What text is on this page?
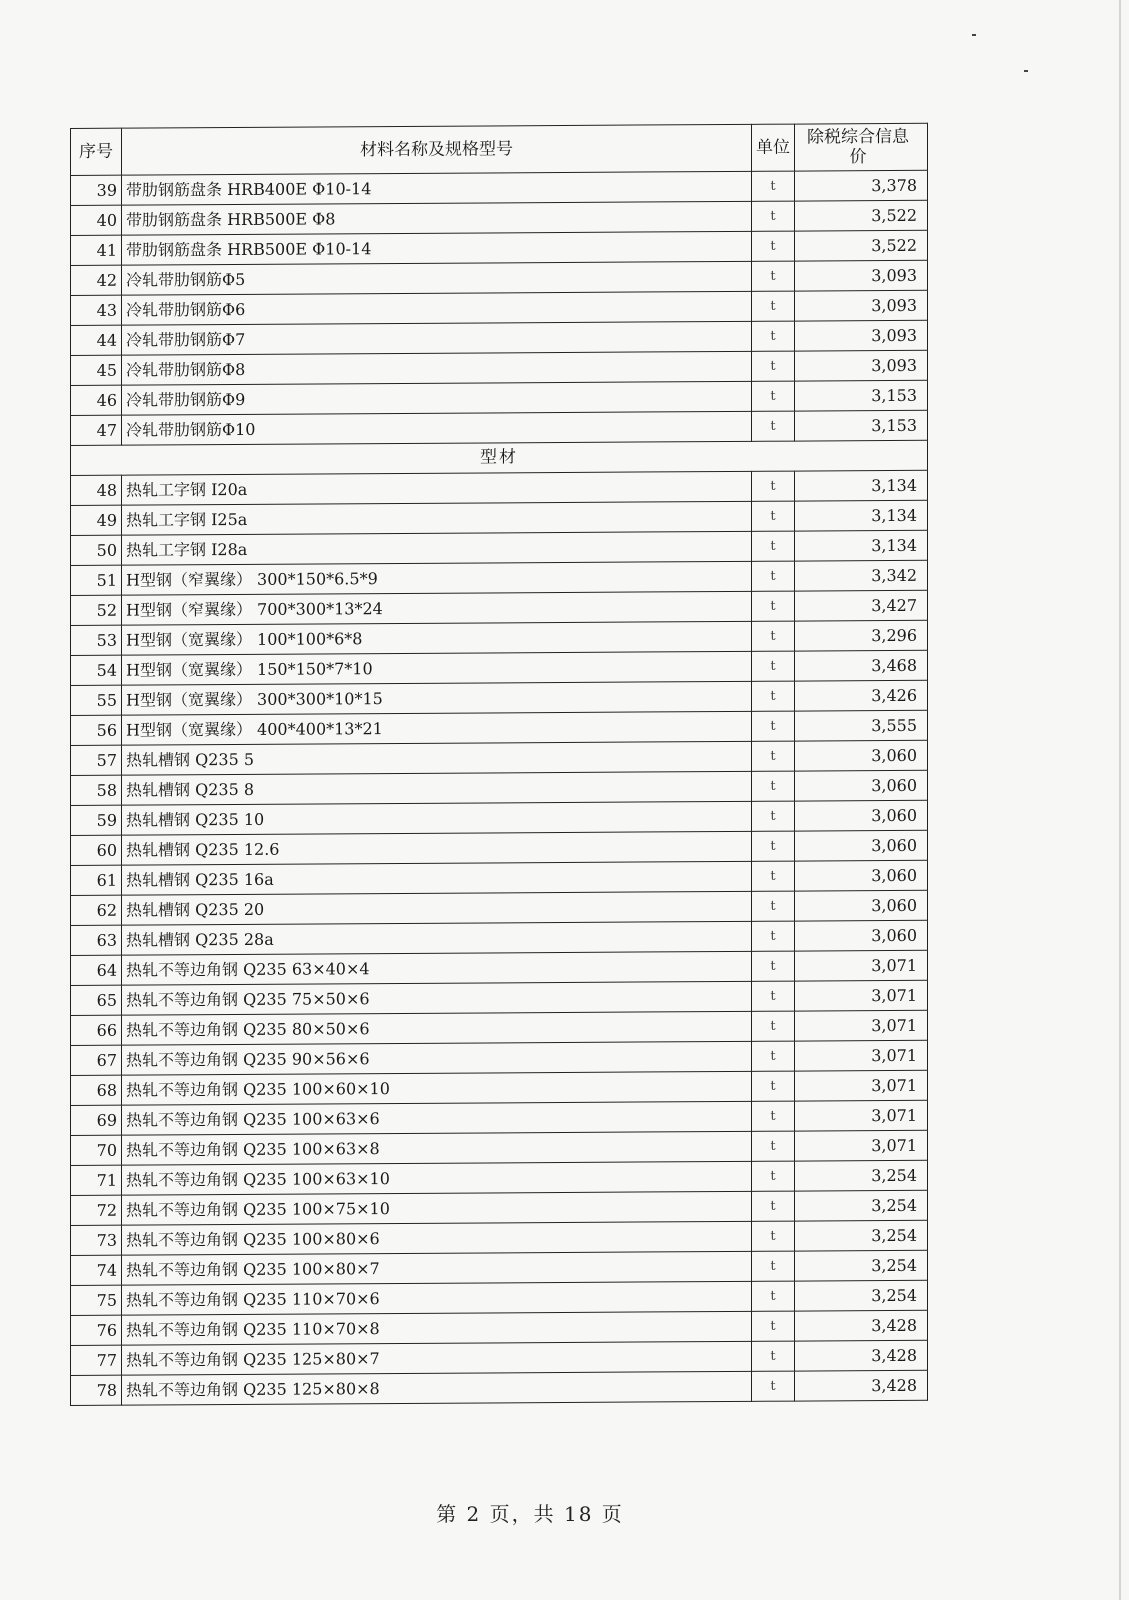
序号	材料名称及规格型号	单位	除税综合信息价
39	带肋钢筋盘条 HRB400E Φ10-14	t	3,378
40	带肋钢筋盘条 HRB500E Φ8	t	3,522
41	带肋钢筋盘条 HRB500E Φ10-14	t	3,522
42	冷轧带肋钢筋Φ5	t	3,093
43	冷轧带肋钢筋Φ6	t	3,093
44	冷轧带肋钢筋Φ7	t	3,093
45	冷轧带肋钢筋Φ8	t	3,093
46	冷轧带肋钢筋Φ9	t	3,153
47	冷轧带肋钢筋Φ10	t	3,153
型材			
48	热轧工字钢 I20a	t	3,134
49	热轧工字钢 I25a	t	3,134
50	热轧工字钢 I28a	t	3,134
51	H型钢（窄翼缘） 300*150*6.5*9	t	3,342
52	H型钢（窄翼缘） 700*300*13*24	t	3,427
53	H型钢（宽翼缘） 100*100*6*8	t	3,296
54	H型钢（宽翼缘） 150*150*7*10	t	3,468
55	H型钢（宽翼缘） 300*300*10*15	t	3,426
56	H型钢（宽翼缘） 400*400*13*21	t	3,555
57	热轧槽钢 Q235 5	t	3,060
58	热轧槽钢 Q235 8	t	3,060
59	热轧槽钢 Q235 10	t	3,060
60	热轧槽钢 Q235 12.6	t	3,060
61	热轧槽钢 Q235 16a	t	3,060
62	热轧槽钢 Q235 20	t	3,060
63	热轧槽钢 Q235 28a	t	3,060
64	热轧不等边角钢 Q235 63×40×4	t	3,071
65	热轧不等边角钢 Q235 75×50×6	t	3,071
66	热轧不等边角钢 Q235 80×50×6	t	3,071
67	热轧不等边角钢 Q235 90×56×6	t	3,071
68	热轧不等边角钢 Q235 100×60×10	t	3,071
69	热轧不等边角钢 Q235 100×63×6	t	3,071
70	热轧不等边角钢 Q235 100×63×8	t	3,071
71	热轧不等边角钢 Q235 100×63×10	t	3,254
72	热轧不等边角钢 Q235 100×75×10	t	3,254
73	热轧不等边角钢 Q235 100×80×6	t	3,254
74	热轧不等边角钢 Q235 100×80×7	t	3,254
75	热轧不等边角钢 Q235 110×70×6	t	3,254
76	热轧不等边角钢 Q235 110×70×8	t	3,428
77	热轧不等边角钢 Q235 125×80×7	t	3,428
78	热轧不等边角钢 Q235 125×80×8	t	3,428
第 2 页，共 18 页
